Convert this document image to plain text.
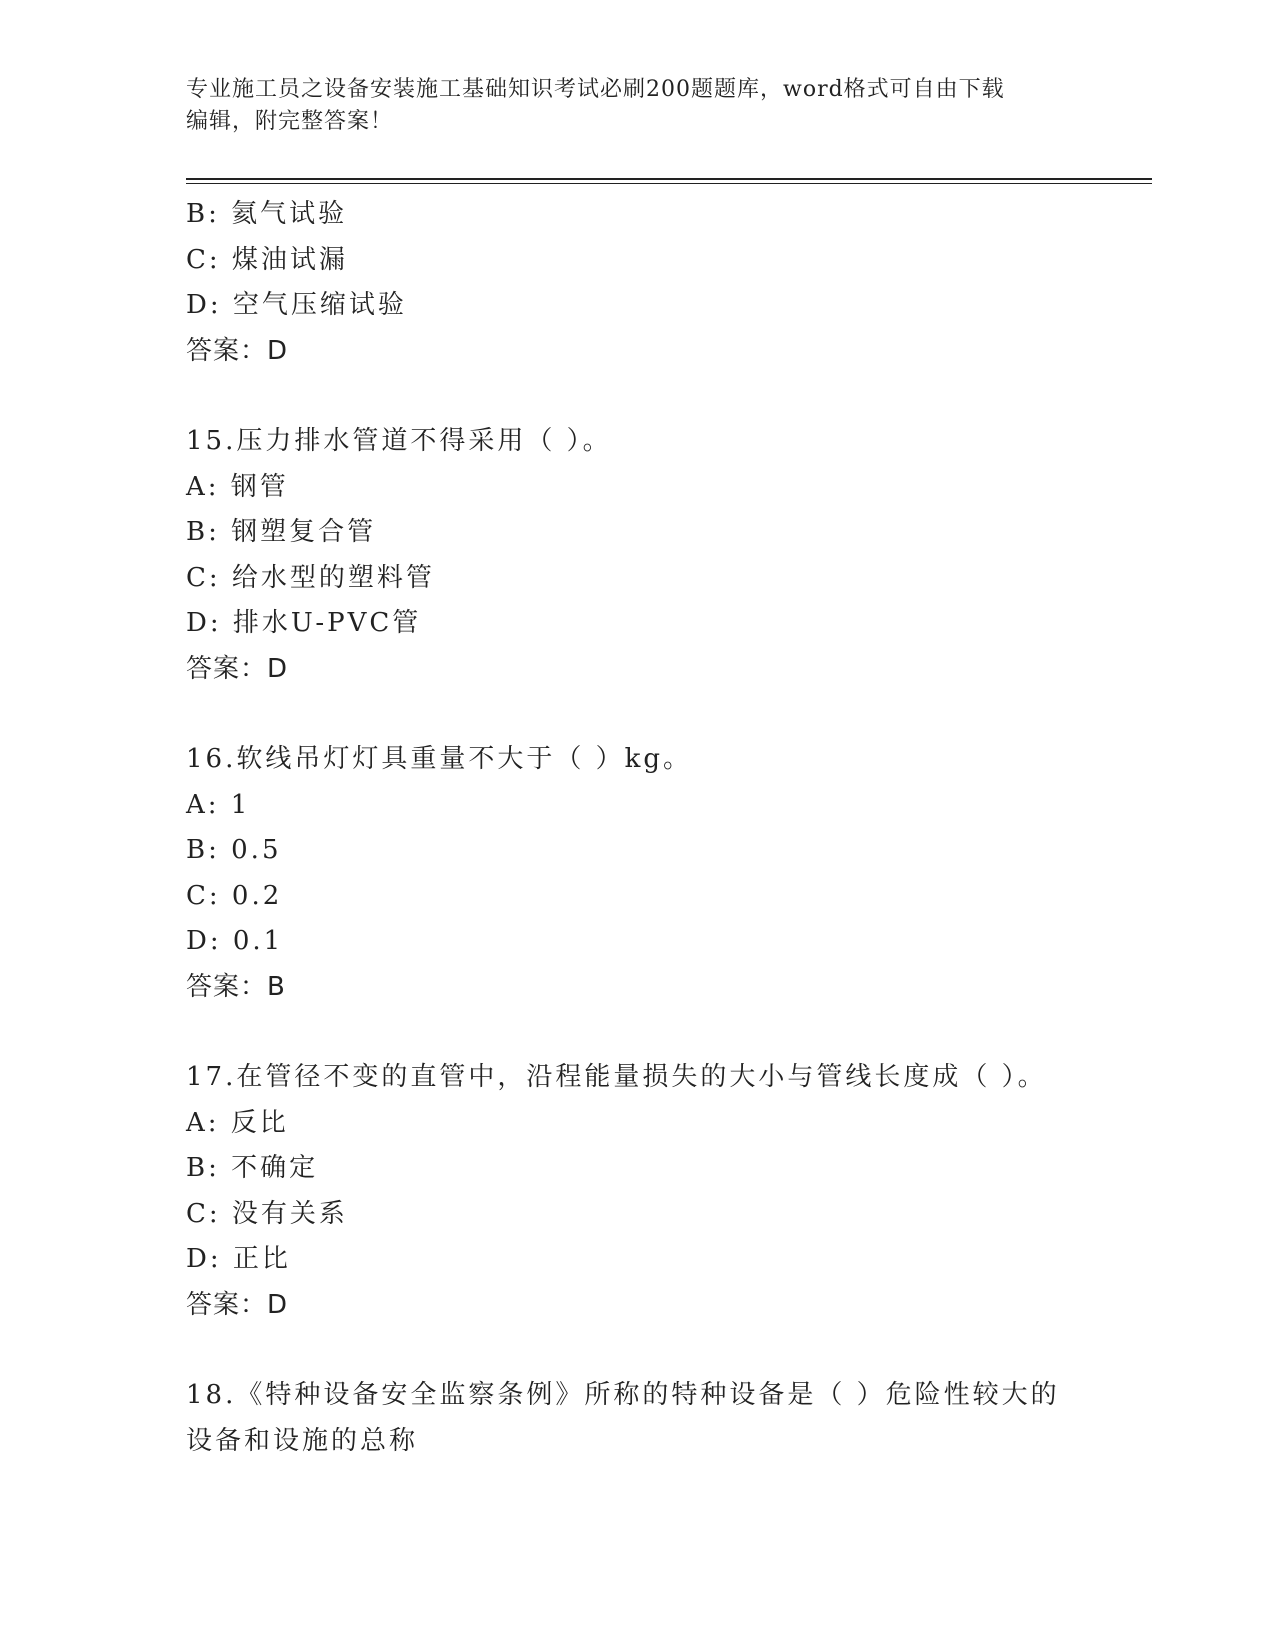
专业施工员之设备安装施工基础知识考试必刷200题题库，word格式可自由下载
编辑，附完整答案！
B: 氦气试验
C: 煤油试漏
D: 空气压缩试验
答案：D
15.压力排水管道不得采用（ ）。
A: 钢管
B: 钢塑复合管
C: 给水型的塑料管
D: 排水U-PVC管
答案：D
16.软线吊灯灯具重量不大于（ ）kg。
A: 1
B: 0.5
C: 0.2
D: 0.1
答案：B
17.在管径不变的直管中，沿程能量损失的大小与管线长度成（ ）。
A: 反比
B: 不确定
C: 没有关系
D: 正比
答案：D
18.《特种设备安全监察条例》所称的特种设备是（ ）危险性较大的
设备和设施的总称
